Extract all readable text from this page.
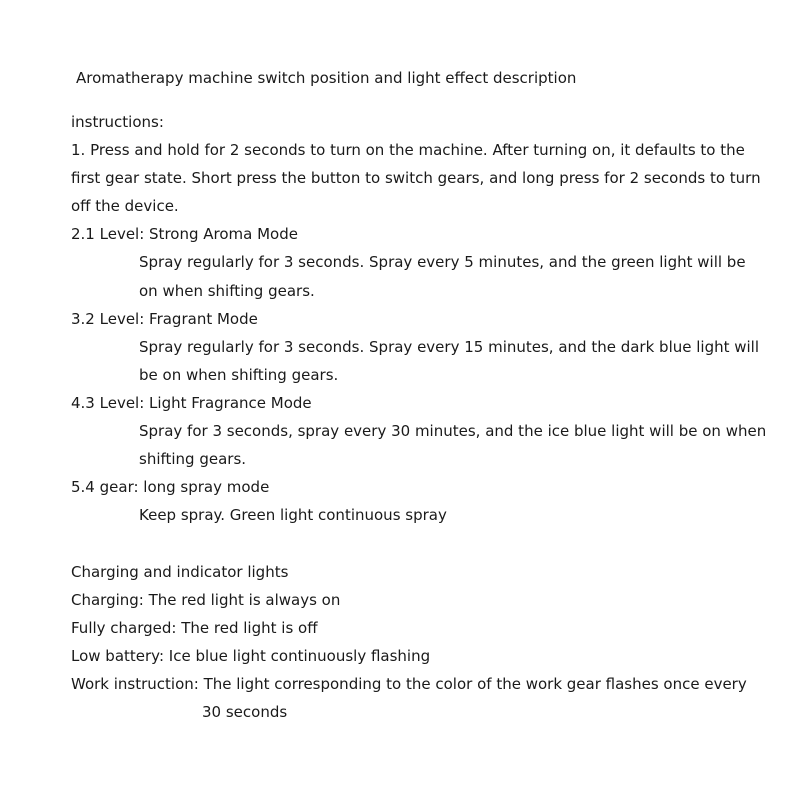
Aromatherapy machine switch position and light effect description
instructions:
1. Press and hold for 2 seconds to turn on the machine. After turning on, it defaults to the
first gear state. Short press the button to switch gears, and long press for 2 seconds to turn
off the device.
2.1 Level: Strong Aroma Mode
Spray regularly for 3 seconds. Spray every 5 minutes, and the green light will be
on when shifting gears.
3.2 Level: Fragrant Mode
Spray regularly for 3 seconds. Spray every 15 minutes, and the dark blue light will
be on when shifting gears.
4.3 Level: Light Fragrance Mode
Spray for 3 seconds, spray every 30 minutes, and the ice blue light will be on when
shifting gears.
5.4 gear: long spray mode
Keep spray. Green light continuous spray
Charging and indicator lights
Charging: The red light is always on
Fully charged: The red light is off
Low battery: Ice blue light continuously flashing
Work instruction: The light corresponding to the color of the work gear flashes once every
30 seconds
